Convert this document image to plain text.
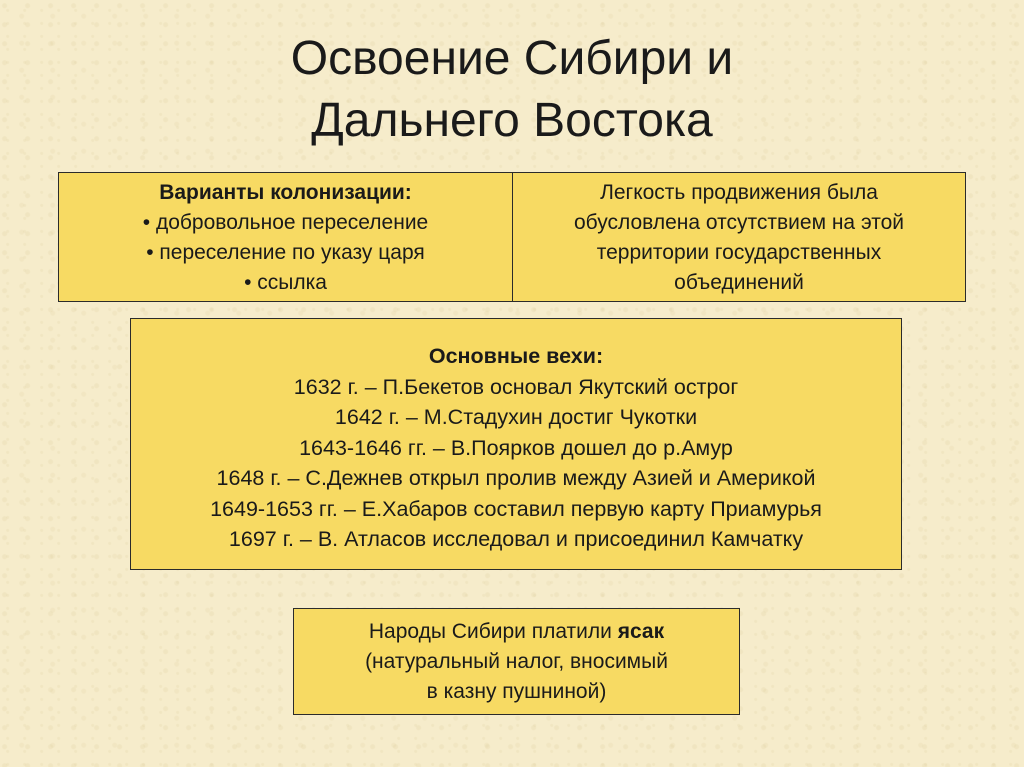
Освоение Сибири и
Дальнего Востока
Варианты колонизации:
• добровольное переселение
• переселение по указу царя
• ссылка
Легкость продвижения была
обусловлена отсутствием на этой
территории государственных
объединений
Основные вехи:
1632 г. – П.Бекетов основал Якутский острог
1642 г. – М.Стадухин достиг Чукотки
1643-1646 гг. – В.Поярков дошел до р.Амур
1648 г. – С.Дежнев открыл пролив между Азией и Америкой
1649-1653 гг. – Е.Хабаров составил первую карту Приамурья
1697 г. – В. Атласов исследовал и присоединил Камчатку
Народы Сибири платили ясак
(натуральный налог, вносимый
в казну пушниной)
